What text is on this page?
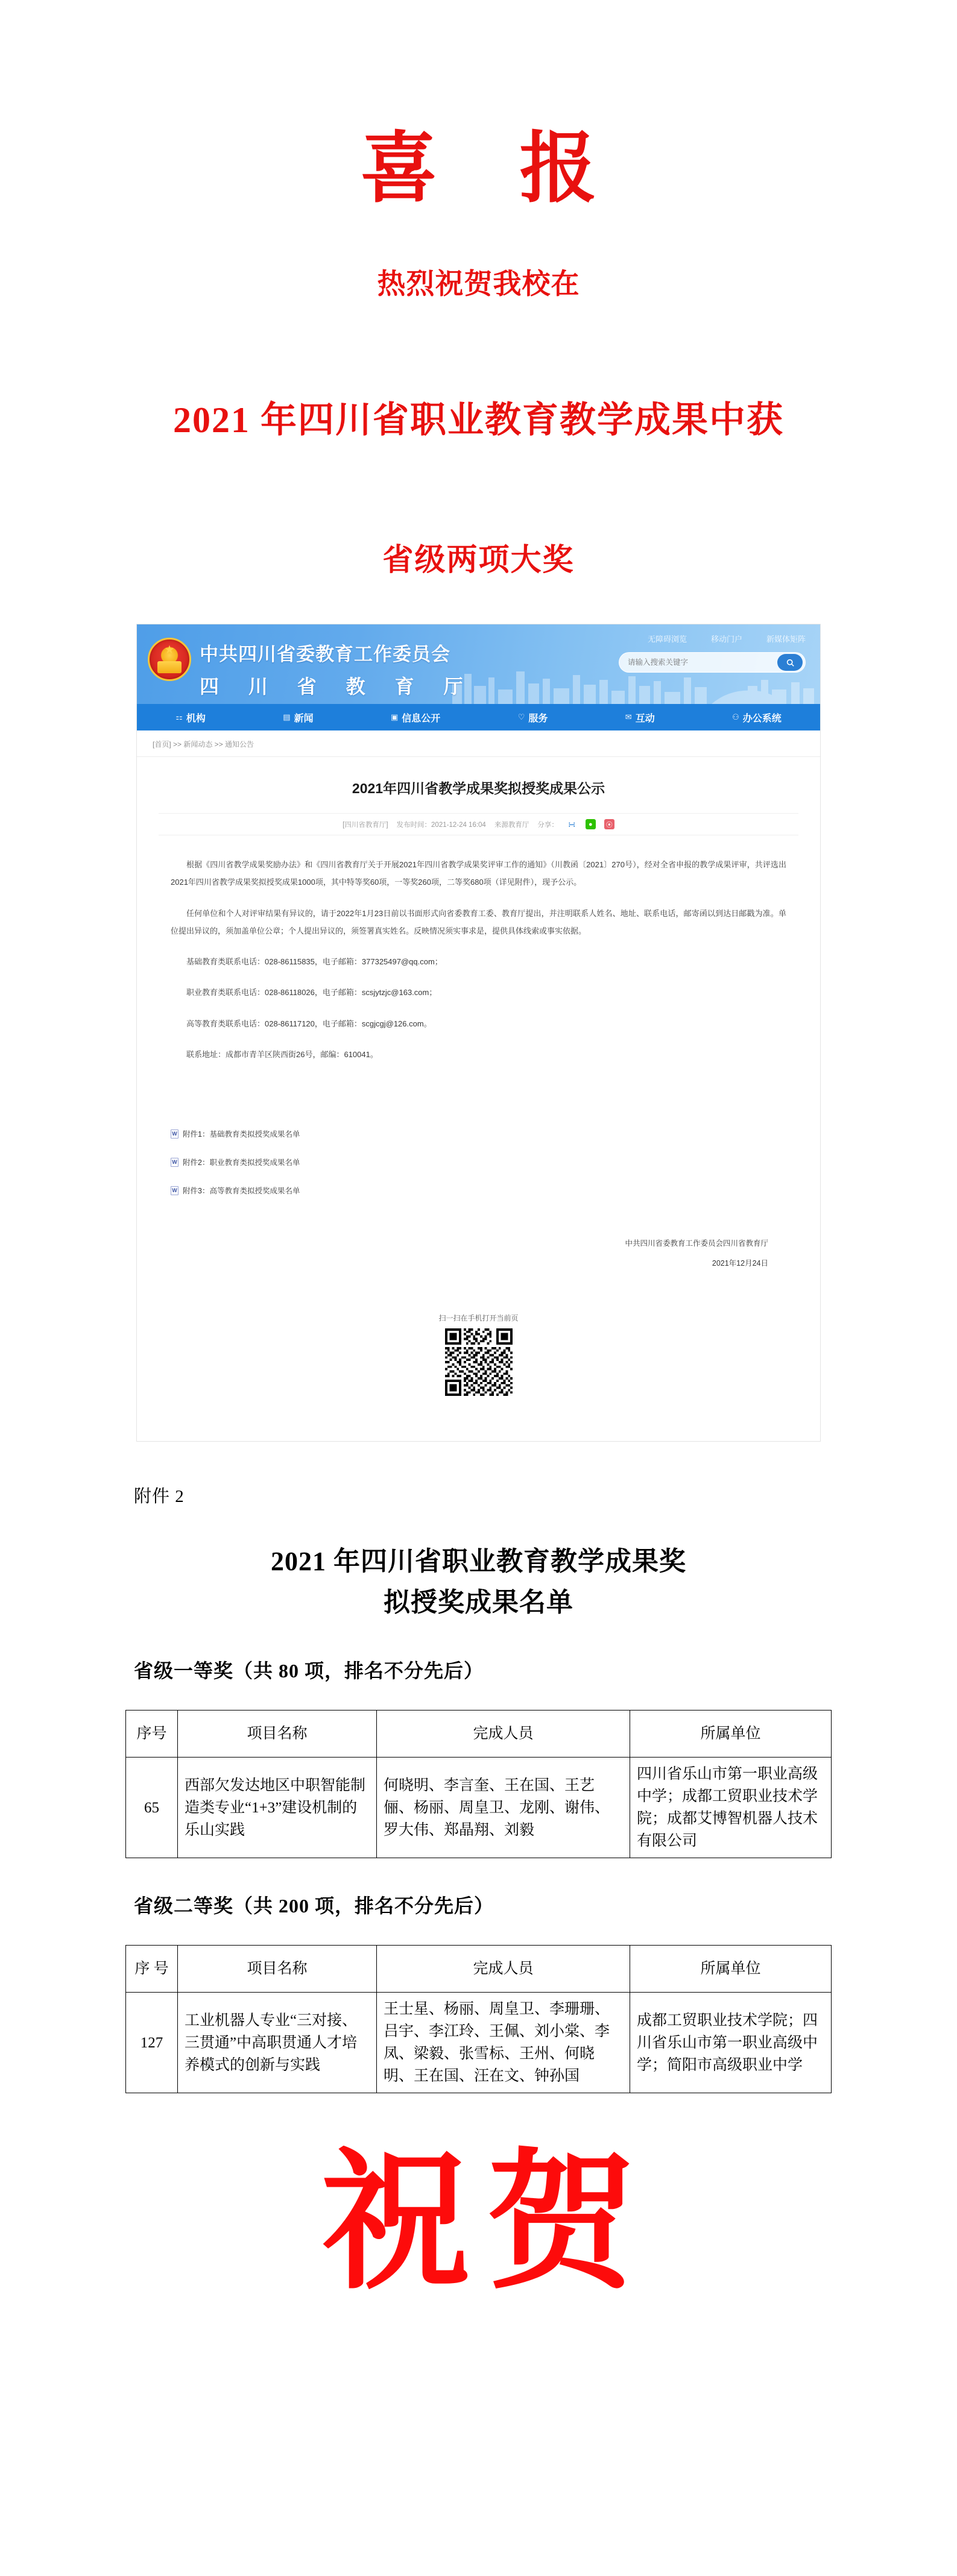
喜 报
热烈祝贺我校在
2021 年四川省职业教育教学成果中获
省级两项大奖
★
中共四川省委教育工作委员会
四 川 省 教 育 厅
无障碍浏览	移动门户	新媒体矩阵
请输入搜索关键字
⚏ 机构	▤ 新闻	▣ 信息公开	♡ 服务	✉ 互动	⚇ 办公系统
[首页] >> 新闻动态 >> 通知公告
2021年四川省教学成果奖拟授奖成果公示
[四川省教育厅] 发布时间：2021-12-24 16:04 来源教育厅 分享： ∺	●	⦿

根据《四川省教学成果奖励办法》和《四川省教育厅关于开展2021年四川省教学成果奖评审工作的通知》（川教函〔2021〕270号），经对全省申报的教学成果评审，共评选出2021年四川省教学成果奖拟授奖成果1000项，其中特等奖60项，一等奖260项，二等奖680项（详见附件），现予公示。

任何单位和个人对评审结果有异议的，请于2022年1月23日前以书面形式向省委教育工委、教育厅提出，并注明联系人姓名、地址、联系电话，邮寄函以到达日邮戳为准。单位提出异议的，须加盖单位公章；个人提出异议的，须签署真实姓名。反映情况须实事求是，提供具体线索或事实依据。

基础教育类联系电话：028-86115835，电子邮箱：377325497@qq.com；

职业教育类联系电话：028-86118026，电子邮箱：scsjytzjc@163.com；

高等教育类联系电话：028-86117120，电子邮箱：scgjcgj@126.com。

联系地址：成都市青羊区陕西街26号，邮编：610041。

W 附件1：基础教育类拟授奖成果名单
W 附件2：职业教育类拟授奖成果名单
W 附件3：高等教育类拟授奖成果名单
中共四川省委教育工作委员会四川省教育厅
2021年12月24日
扫一扫在手机打开当前页
附件 2
2021 年四川省职业教育教学成果奖
拟授奖成果名单
省级一等奖（共 80 项，排名不分先后）
序号	项目名称	完成人员	所属单位
65	西部欠发达地区中职智能制造类专业“1+3”建设机制的乐山实践	何晓明、李言奎、王在国、王艺俪、杨丽、周皇卫、龙刚、谢伟、罗大伟、郑晶翔、刘毅	四川省乐山市第一职业高级中学；成都工贸职业技术学院；成都艾博智机器人技术有限公司
省级二等奖（共 200 项，排名不分先后）
序 号	项目名称	完成人员	所属单位
127	工业机器人专业“三对接、三贯通”中高职贯通人才培养模式的创新与实践	王士星、杨丽、周皇卫、李珊珊、吕宇、李江玲、王佩、刘小棠、李凤、梁毅、张雪标、王州、何晓明、王在国、汪在文、钟孙国	成都工贸职业技术学院；四川省乐山市第一职业高级中学；简阳市高级职业中学
祝贺
